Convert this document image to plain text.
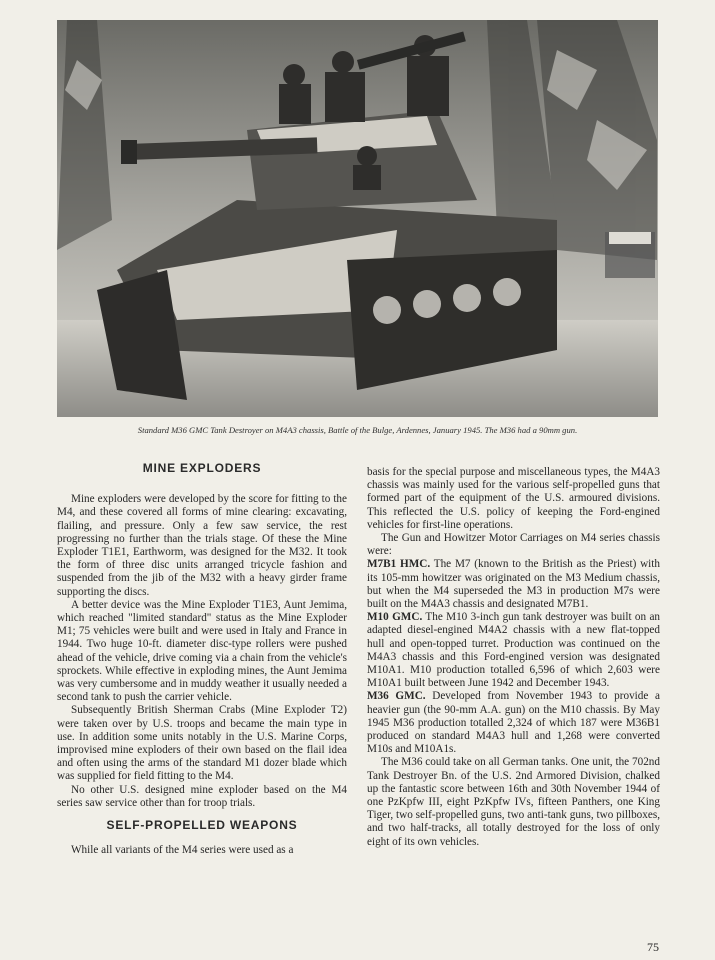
Standard M36 GMC Tank Destroyer on M4A3 chassis, Battle of the Bulge, Ardennes, January 1945. The M36 had a 90mm gun.
MINE EXPLODERS

Mine exploders were developed by the score for fitting to the M4, and these covered all forms of mine clearing: excavating, flailing, and pressure. Only a few saw service, the rest progressing no further than the trials stage. Of these the Mine Exploder T1E1, Earthworm, was designed for the M32. It took the form of three disc units arranged tricycle fashion and suspended from the jib of the M32 with a heavy girder frame supporting the discs.

A better device was the Mine Exploder T1E3, Aunt Jemima, which reached "limited standard" status as the Mine Exploder M1; 75 vehicles were built and were used in Italy and France in 1944. Two huge 10-ft. diameter disc-type rollers were pushed ahead of the vehicle, drive coming via a chain from the vehicle's sprockets. While effective in exploding mines, the Aunt Jemima was very cumbersome and in muddy weather it usually needed a second tank to push the carrier vehicle.

Subsequently British Sherman Crabs (Mine Exploder T2) were taken over by U.S. troops and became the main type in use. In addition some units notably in the U.S. Marine Corps, improvised mine exploders of their own based on the flail idea and often using the arms of the standard M1 dozer blade which was supplied for field fitting to the M4.

No other U.S. designed mine exploder based on the M4 series saw service other than for troop trials.

SELF-PROPELLED WEAPONS

While all variants of the M4 series were used as a

basis for the special purpose and miscellaneous types, the M4A3 chassis was mainly used for the various self-propelled guns that formed part of the equipment of the U.S. armoured divisions. This reflected the U.S. policy of keeping the Ford-engined vehicles for first-line operations.

The Gun and Howitzer Motor Carriages on M4 series chassis were:

M7B1 HMC. The M7 (known to the British as the Priest) with its 105-mm howitzer was originated on the M3 Medium chassis, but when the M4 superseded the M3 in production M7s were built on the M4A3 chassis and designated M7B1.

M10 GMC. The M10 3-inch gun tank destroyer was built on an adapted diesel-engined M4A2 chassis with a new flat-topped hull and open-topped turret. Production was continued on the M4A3 chassis and this Ford-engined version was designated M10A1. M10 production totalled 6,596 of which 2,603 were M10A1 built between June 1942 and December 1943.

M36 GMC. Developed from November 1943 to provide a heavier gun (the 90-mm A.A. gun) on the M10 chassis. By May 1945 M36 production totalled 2,324 of which 187 were M36B1 produced on standard M4A3 hull and 1,268 were converted M10s and M10A1s.

The M36 could take on all German tanks. One unit, the 702nd Tank Destroyer Bn. of the U.S. 2nd Armored Division, chalked up the fantastic score between 16th and 30th November 1944 of one PzKpfw III, eight PzKpfw IVs, fifteen Panthers, one King Tiger, two self-propelled guns, two anti-tank guns, two pillboxes, and two half-tracks, all totally destroyed for the loss of only eight of its own vehicles.

75
